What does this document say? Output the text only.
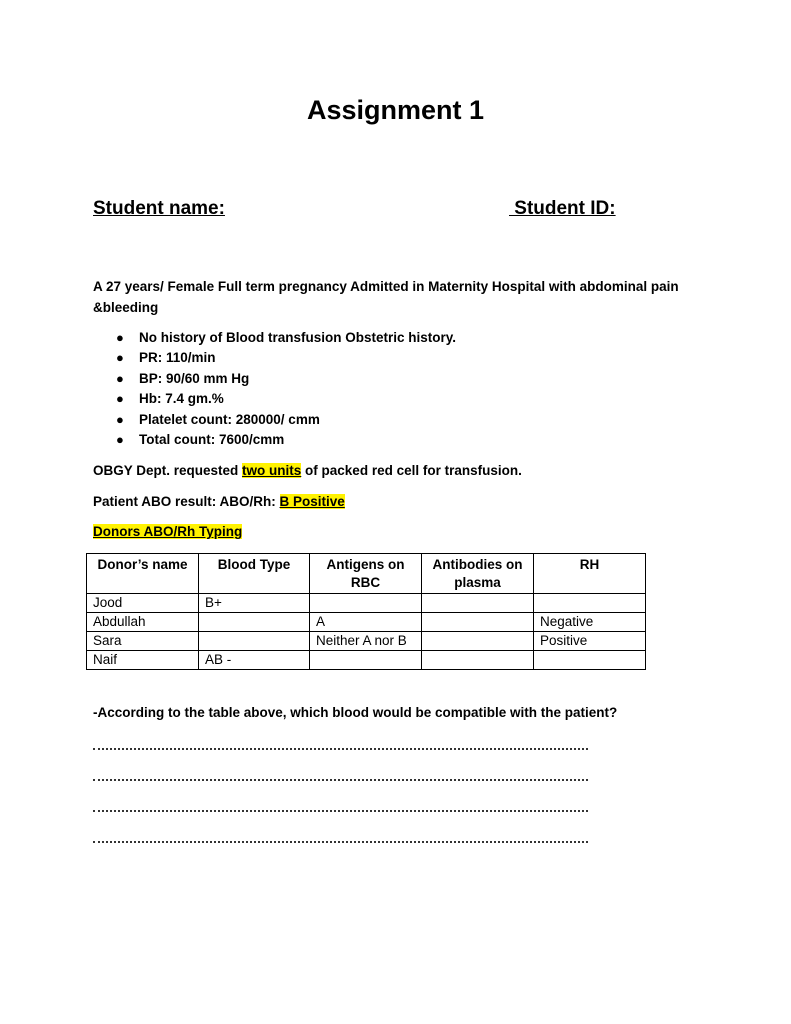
Assignment 1
Student name:	Student ID:
A 27 years/ Female Full term pregnancy Admitted in Maternity Hospital with abdominal pain &bleeding
● No history of Blood transfusion Obstetric history.
● PR: 110/min
● BP: 90/60 mm Hg
● Hb: 7.4 gm.%
● Platelet count: 280000/ cmm
● Total count: 7600/cmm
OBGY Dept. requested two units of packed red cell for transfusion.
Patient ABO result: ABO/Rh: B Positive
Donors ABO/Rh Typing
Donor’s name	Blood Type	Antigens on RBC	Antibodies on plasma	RH
Jood	B+			
Abdullah		A		Negative
Sara		Neither A nor B		Positive
Naif	AB -			
-According to the table above, which blood would be compatible with the patient?
